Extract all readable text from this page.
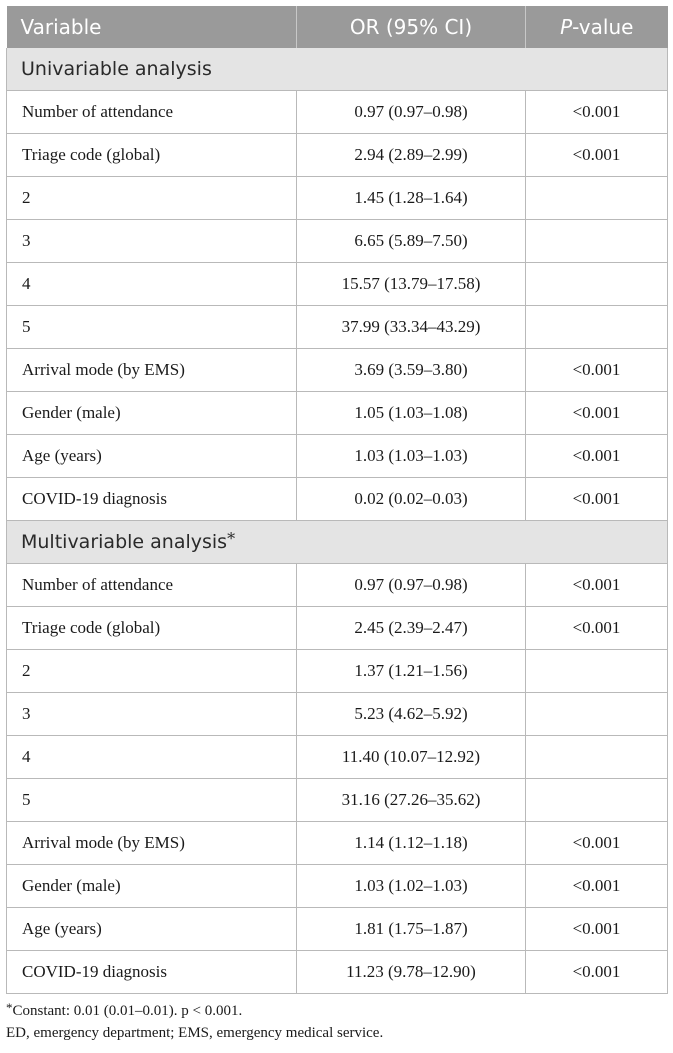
Variable	OR (95% CI)	P-value
Univariable analysis		
Number of attendance	0.97 (0.97–0.98)	<0.001
Triage code (global)	2.94 (2.89–2.99)	<0.001
2	1.45 (1.28–1.64)	
3	6.65 (5.89–7.50)	
4	15.57 (13.79–17.58)	
5	37.99 (33.34–43.29)	
Arrival mode (by EMS)	3.69 (3.59–3.80)	<0.001
Gender (male)	1.05 (1.03–1.08)	<0.001
Age (years)	1.03 (1.03–1.03)	<0.001
COVID-19 diagnosis	0.02 (0.02–0.03)	<0.001
Multivariable analysis*
Number of attendance	0.97 (0.97–0.98)	<0.001
Triage code (global)	2.45 (2.39–2.47)	<0.001
2	1.37 (1.21–1.56)	
3	5.23 (4.62–5.92)	
4	11.40 (10.07–12.92)	
5	31.16 (27.26–35.62)	
Arrival mode (by EMS)	1.14 (1.12–1.18)	<0.001
Gender (male)	1.03 (1.02–1.03)	<0.001
Age (years)	1.81 (1.75–1.87)	<0.001
COVID-19 diagnosis	11.23 (9.78–12.90)	<0.001
*Constant: 0.01 (0.01–0.01). p < 0.001.
ED, emergency department; EMS, emergency medical service.
